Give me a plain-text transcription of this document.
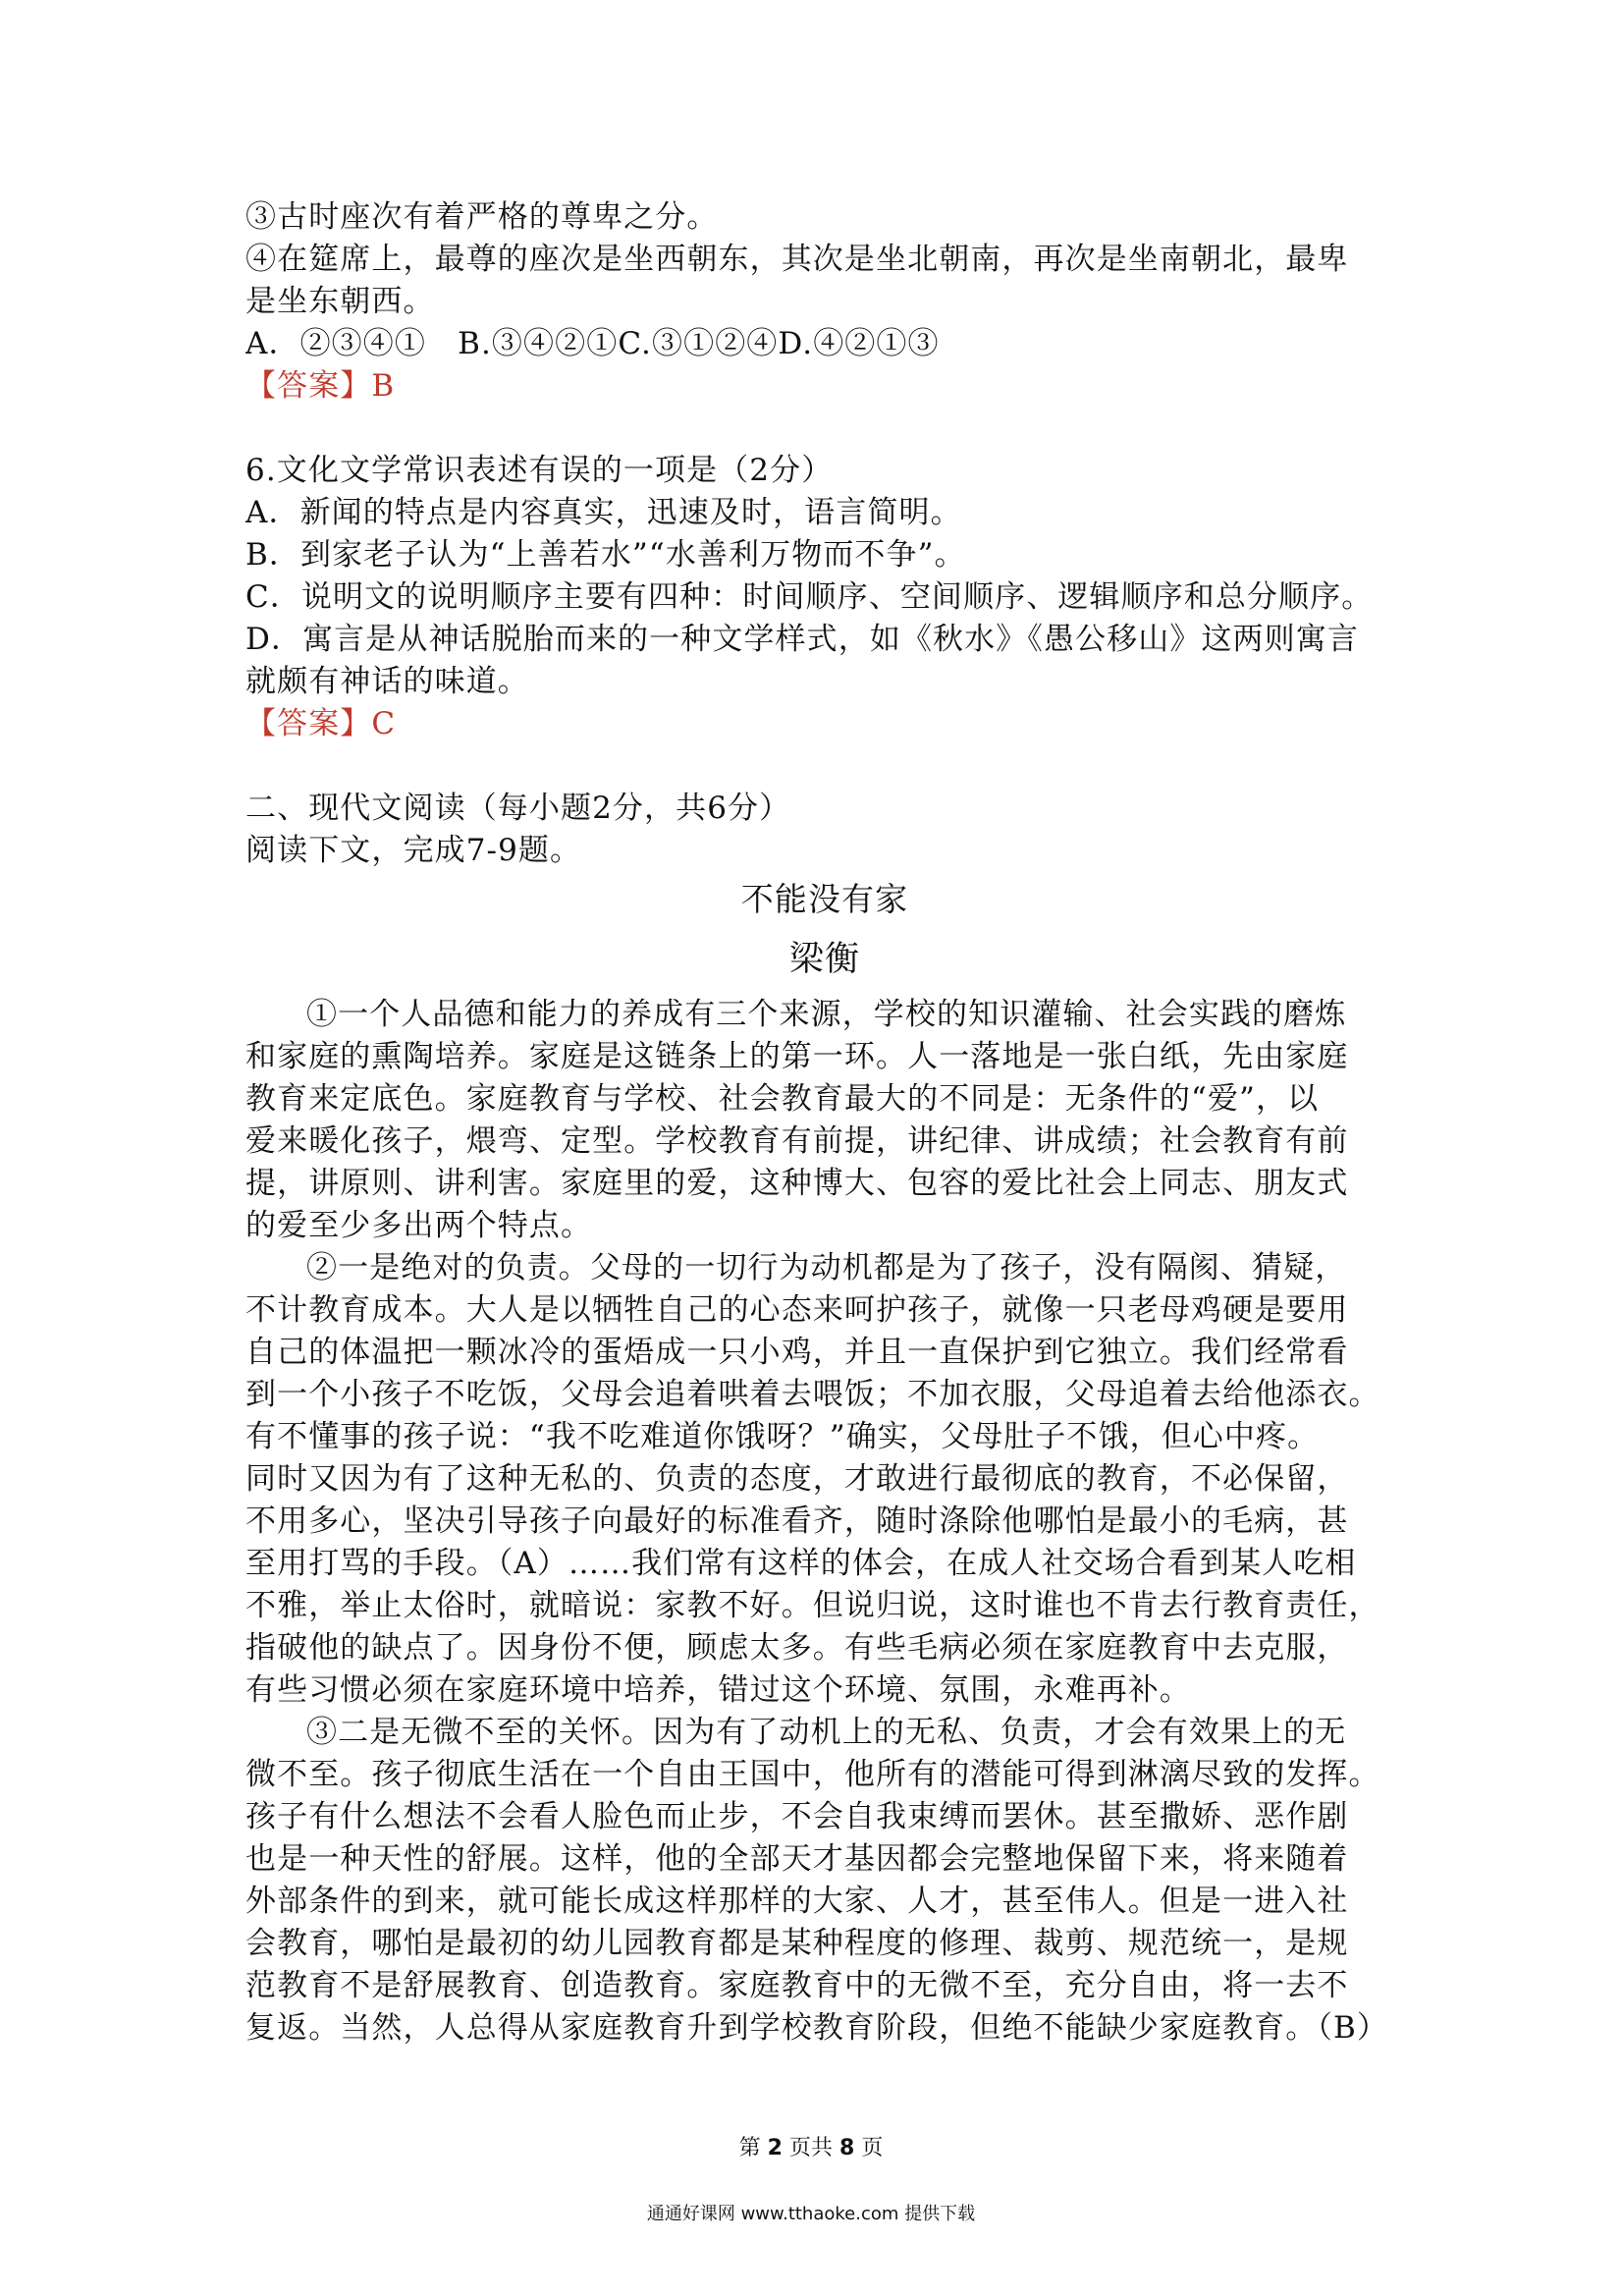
③古时座次有着严格的尊卑之分。
④在筵席上，最尊的座次是坐西朝东，其次是坐北朝南，再次是坐南朝北，最卑
是坐东朝西。
A．②③④①　B.③④②①C.③①②④D.④②①③
【答案】B
6.文化文学常识表述有误的一项是（2分）
A．新闻的特点是内容真实，迅速及时，语言简明。
B．到家老子认为“上善若水”“水善利万物而不争”。
C．说明文的说明顺序主要有四种：时间顺序、空间顺序、逻辑顺序和总分顺序。
D．寓言是从神话脱胎而来的一种文学样式，如《秋水》《愚公移山》这两则寓言
就颇有神话的味道。
【答案】C
二、现代文阅读（每小题2分，共6分）
阅读下文，完成7-9题。
不能没有家
梁衡
①一个人品德和能力的养成有三个来源，学校的知识灌输、社会实践的磨炼
和家庭的熏陶培养。家庭是这链条上的第一环。人一落地是一张白纸，先由家庭
教育来定底色。家庭教育与学校、社会教育最大的不同是：无条件的“爱”，以
爱来暖化孩子，煨弯、定型。学校教育有前提，讲纪律、讲成绩；社会教育有前
提，讲原则、讲利害。家庭里的爱，这种博大、包容的爱比社会上同志、朋友式
的爱至少多出两个特点。
②一是绝对的负责。父母的一切行为动机都是为了孩子，没有隔阂、猜疑，
不计教育成本。大人是以牺牲自己的心态来呵护孩子，就像一只老母鸡硬是要用
自己的体温把一颗冰冷的蛋焐成一只小鸡，并且一直保护到它独立。我们经常看
到一个小孩子不吃饭，父母会追着哄着去喂饭；不加衣服，父母追着去给他添衣。
有不懂事的孩子说：“我不吃难道你饿呀？”确实，父母肚子不饿，但心中疼。
同时又因为有了这种无私的、负责的态度，才敢进行最彻底的教育，不必保留，
不用多心，坚决引导孩子向最好的标准看齐，随时涤除他哪怕是最小的毛病，甚
至用打骂的手段。（A）……我们常有这样的体会，在成人社交场合看到某人吃相
不雅，举止太俗时，就暗说：家教不好。但说归说，这时谁也不肯去行教育责任，
指破他的缺点了。因身份不便，顾虑太多。有些毛病必须在家庭教育中去克服，
有些习惯必须在家庭环境中培养，错过这个环境、氛围，永难再补。
③二是无微不至的关怀。因为有了动机上的无私、负责，才会有效果上的无
微不至。孩子彻底生活在一个自由王国中，他所有的潜能可得到淋漓尽致的发挥。
孩子有什么想法不会看人脸色而止步，不会自我束缚而罢休。甚至撒娇、恶作剧
也是一种天性的舒展。这样，他的全部天才基因都会完整地保留下来，将来随着
外部条件的到来，就可能长成这样那样的大家、人才，甚至伟人。但是一进入社
会教育，哪怕是最初的幼儿园教育都是某种程度的修理、裁剪、规范统一，是规
范教育不是舒展教育、创造教育。家庭教育中的无微不至，充分自由，将一去不
复返。当然，人总得从家庭教育升到学校教育阶段，但绝不能缺少家庭教育。（B）
第 2 页共 8 页
通通好课网 www.tthaoke.com 提供下载
